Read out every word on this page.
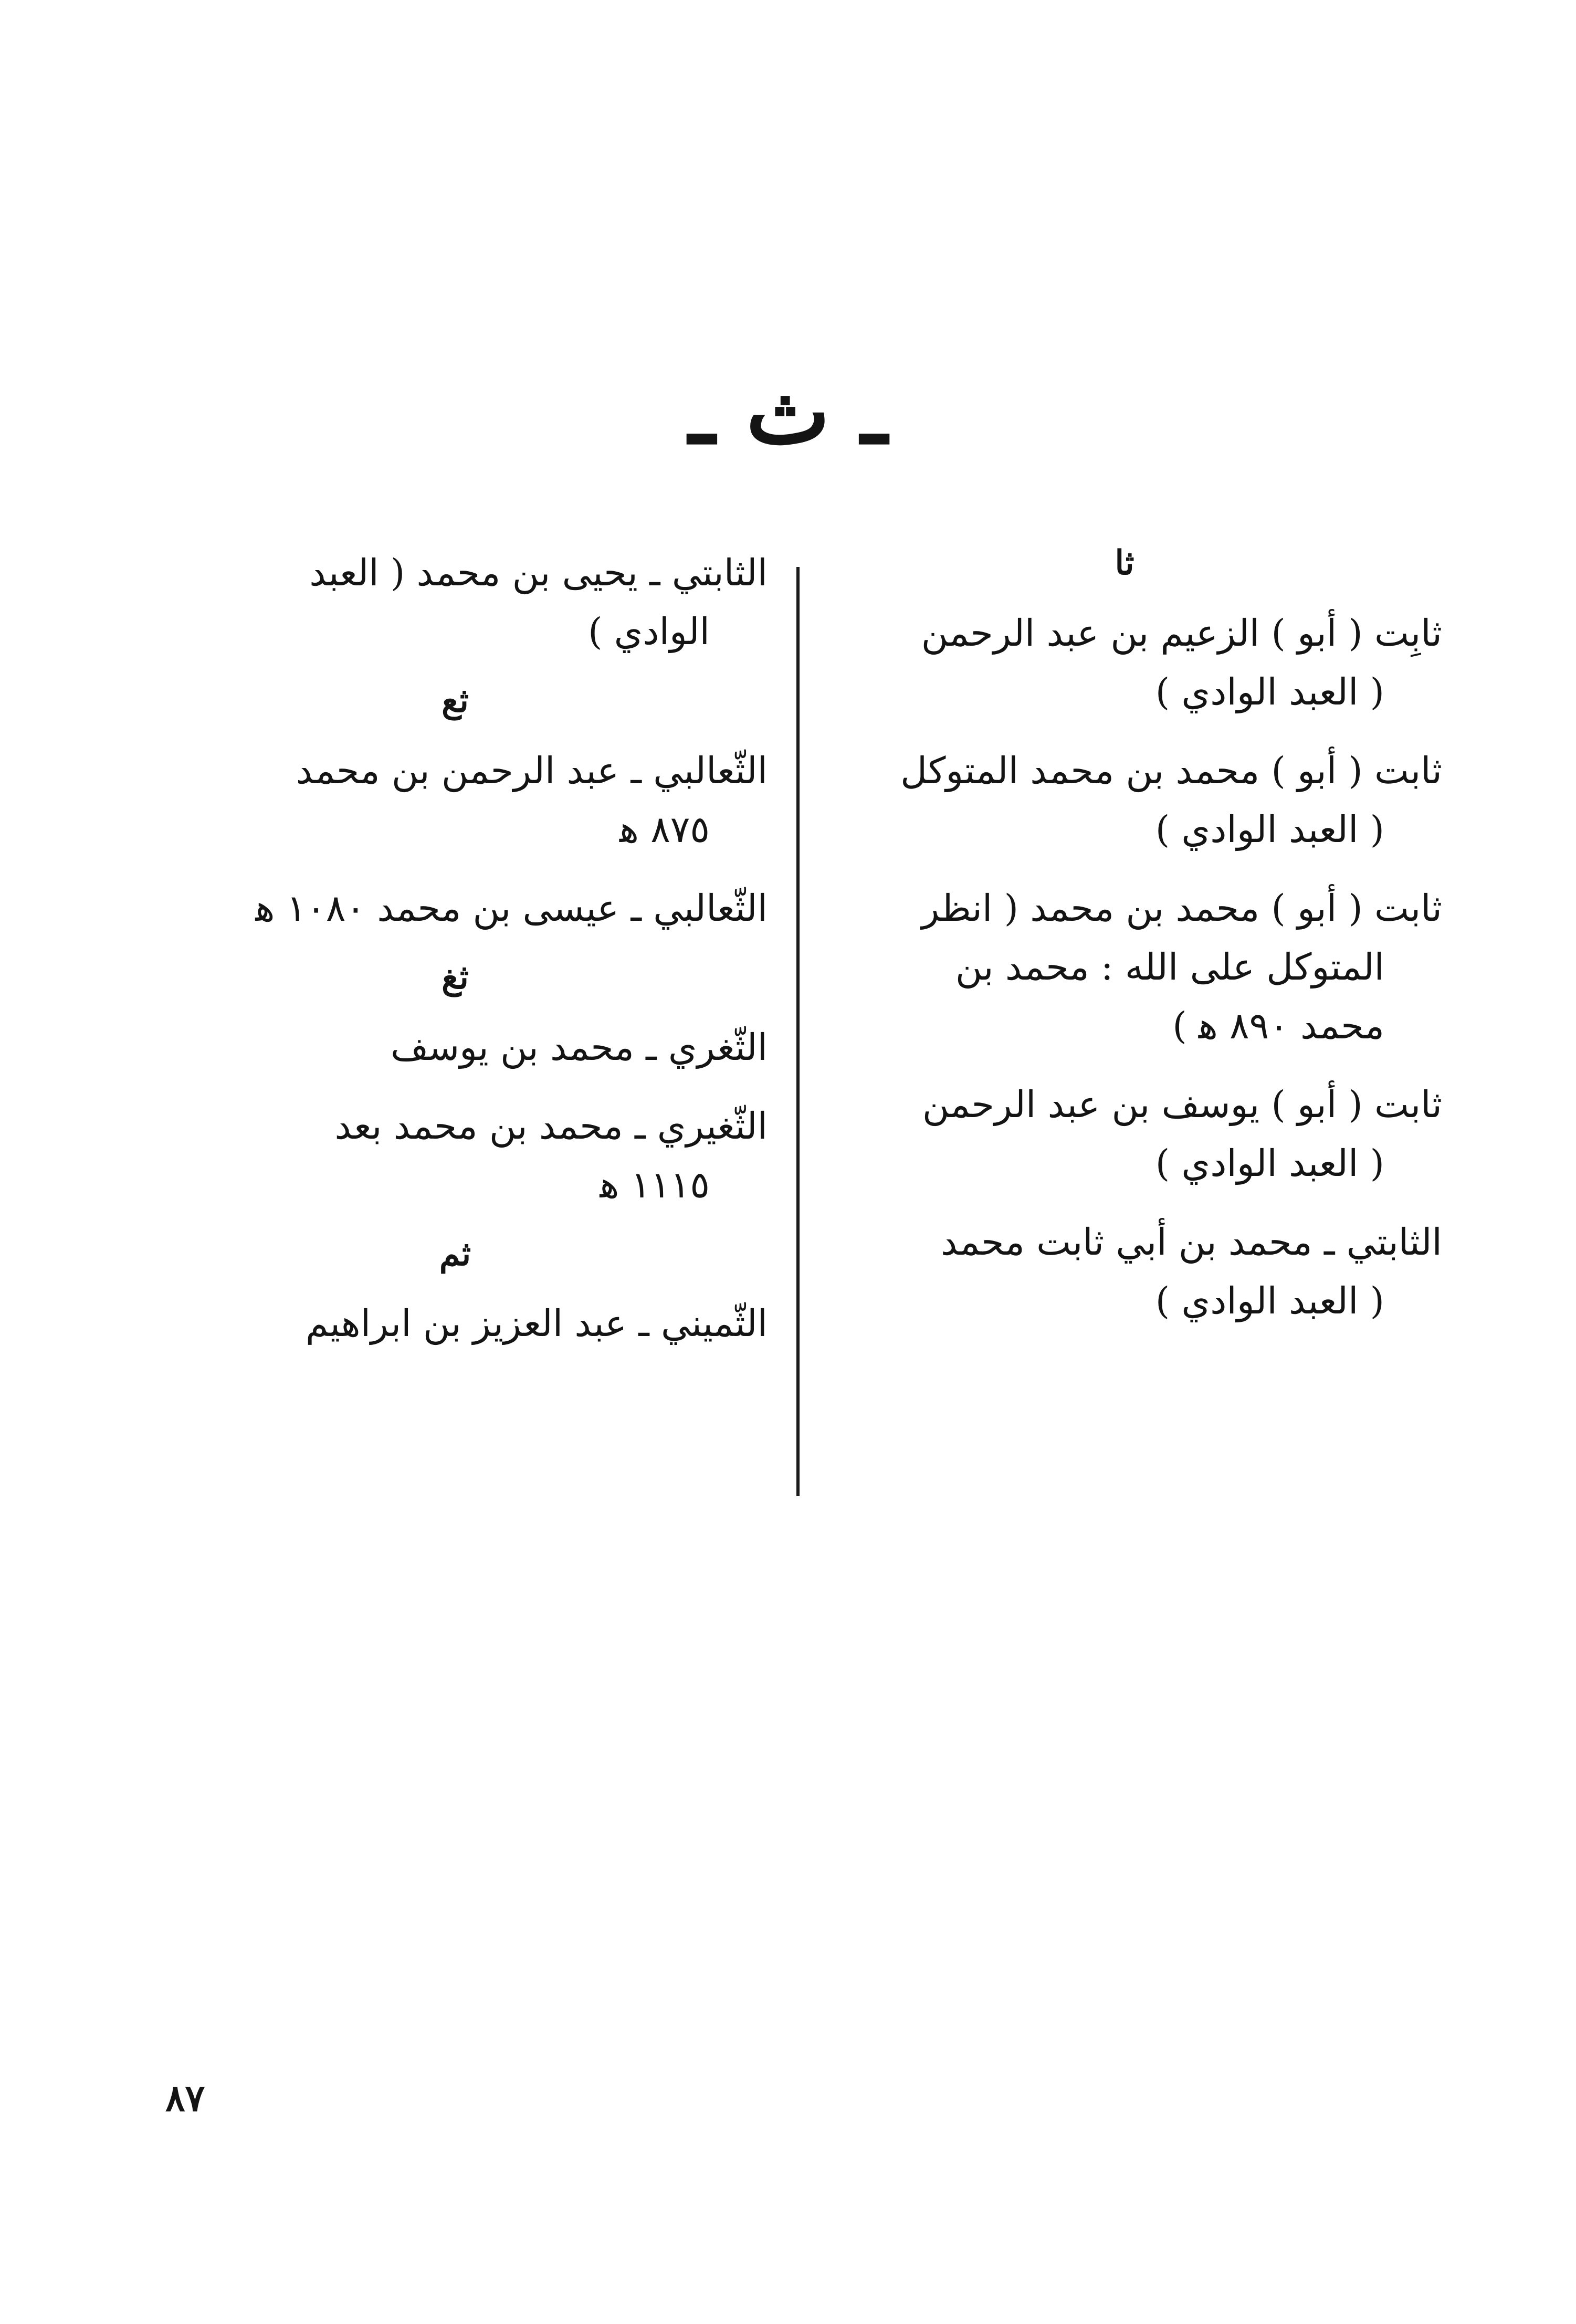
ـ ث ـ
ثا
ثابِت ( أبو ) الزعيم بن عبد الرحمن
( العبد الوادي )
ثابت ( أبو ) محمد بن محمد المتوكل
( العبد الوادي )
ثابت ( أبو ) محمد بن محمد ( انظر
المتوكل على الله : محمد بن
محمد ٨٩٠ ﻫ )
ثابت ( أبو ) يوسف بن عبد الرحمن
( العبد الوادي )
الثابتي ـ محمد بن أبي ثابت محمد
( العبد الوادي )
الثابتي ـ يحيى بن محمد ( العبد
الوادي )
ثع
الثّعالبي ـ عبد الرحمن بن محمد
٨٧٥ ﻫ
الثّعالبي ـ عيسى بن محمد ١٠٨٠ ﻫ
ثغ
الثّغري ـ محمد بن يوسف
الثّغيري ـ محمد بن محمد بعد
١١١٥ ﻫ
ثم
الثّميني ـ عبد العزيز بن ابراهيم
٨٧
